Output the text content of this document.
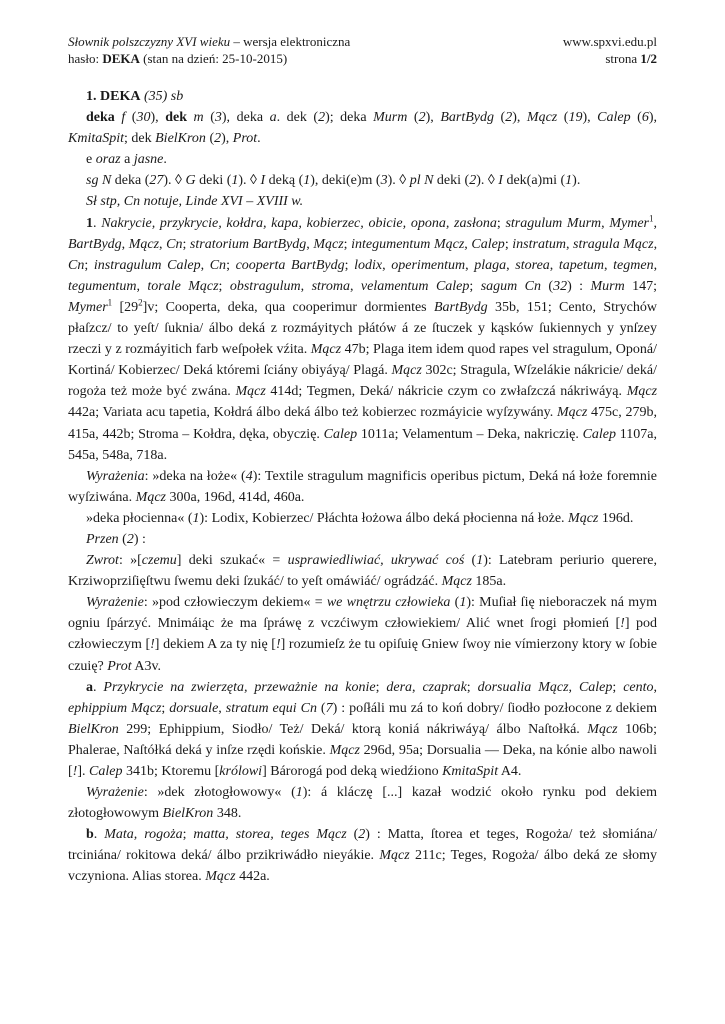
Słownik polszczyzny XVI wieku – wersja elektroniczna	www.spxvi.edu.pl
hasło: DEKA (stan na dzień: 25-10-2015)	strona 1/2

1. DEKA (35) sb

deka f (30), dek m (3), deka a. dek (2); deka Murm (2), BartBydg (2), Mącz (19), Calep (6), KmitaSpit; dek BielKron (2), Prot.

e oraz a jasne.

sg N deka (27). ◊ G deki (1). ◊ I deką (1), deki(e)m (3). ◊ pl N deki (2). ◊ I dek(a)mi (1).

Sł stp, Cn notuje, Linde XVI – XVIII w.

1. Nakrycie, przykrycie, kołdra, kapa, kobierzec, obicie, opona, zasłona; stragulum Murm, Mymer$^1$, BartBydg, Mącz, Cn; stratorium BartBydg, Mącz; integumentum Mącz, Calep; instratum, stragula Mącz, Cn; instragulum Calep, Cn; cooperta BartBydg; lodix, operimentum, plaga, storea, tapetum, tegmen, tegumentum, torale Mącz; obstragulum, stroma, velamentum Calep; sagum Cn (32) : Murm 147; Mymer$^1$ $[29^2]v$; Cooperta, deka, qua cooperimur dormientes BartBydg 35b, 151; Cento, Strychów płaſzcz/ to yeſt/ ſukniа/ álbo deká z rozmáyitych płátów á ze ſtuczek y kąsków ſukiennych y ynſzey rzeczi y z rozmáyitich farb weſpołek vźita. Mącz 47b; Plaga item idem quod rapes vel stragulum, Oponá/ Kortiná/ Kobierzec/ Deká któremi ſciány obiyáyą/ Plagá. Mącz 302c; Stragula, Wſzelákie nákricie/ deká/ rogoża też może być zwána. Mącz 414d; Tegmen, Deká/ nákricie czym co zwłaſzczá nákriwáyą. Mącz 442a; Variata acu tapetia, Kołdrá álbo deká álbo też kobierzec rozmáyicie wyſzywány. Mącz 475c, 279b, 415a, 442b; Stroma – Kołdra, dęka, obyczię. Calep 1011a; Velamentum – Deka, nakriczię. Calep 1107a, 545a, 548a, 718a.

Wyrażenia: »deka na łoże« (4): Textile stragulum magnificis operibus pictum, Deká ná łoże foremnie wyſziwána. Mącz 300a, 196d, 414d, 460a.

»deka płocienna« (1): Lodix, Kobierzec/ Płáchta łożowa álbo deká płocienna ná łoże. Mącz 196d.

Przen (2) :

Zwrot: »[czemu] deki szukać« = usprawiedliwiać, ukrywać coś (1): Latebram periurio querere, Krziwoprziſięſtwu ſwemu deki ſzukáć/ to yeſt omáwiáć/ ográdzáć. Mącz 185a.

Wyrażenie: »pod człowieczym dekiem« = we wnętrzu człowieka (1): Muſiał ſię nieboraczek ná mym ogniu ſpárzyć. Mnimáiąc że ma ſpráwę z vczćiwym człowiekiem/ Alić wnet ſrogi płomień [!] pod człowieczym [!] dekiem A za ty nię [!] rozumieſz że tu opiſuię Gniew ſwoy nie vímierzony ktory w ſobie czuię? Prot A3v.

a. Przykrycie na zwierzęta, przeważnie na konie; dera, czaprak; dorsualia Mącz, Calep; cento, ephippium Mącz; dorsuale, stratum equi Cn (7) : poſłáli mu zá to koń dobry/ ſiodło pozłocone z dekiem BielKron 299; Ephippium, Siodło/ Też/ Deká/ ktorą koniá nákriwáyą/ álbo Naſtołká. Mącz 106b; Phalerae, Naſtółká deká y inſze rzędi końskie. Mącz 296d, 95a; Dorsualia — Deka, na kónie albo nawoli [!]. Calep 341b; Ktoremu [królowi] Bárorogá pod deką wiedźiono KmitaSpit A4.

Wyrażenie: »dek złotogłowowy« (1): á kláczę [...] kazał wodzić około rynku pod dekiem złotogłowowym BielKron 348.

b. Mata, rogoża; matta, storea, teges Mącz (2) : Matta, ſtorea et teges, Rogoża/ też słomiána/ trciniána/ rokitowa deká/ álbo przikriwádło nieyákie. Mącz 211c; Teges, Rogoża/ álbo deká ze słomy vczyniona. Alias storea. Mącz 442a.
